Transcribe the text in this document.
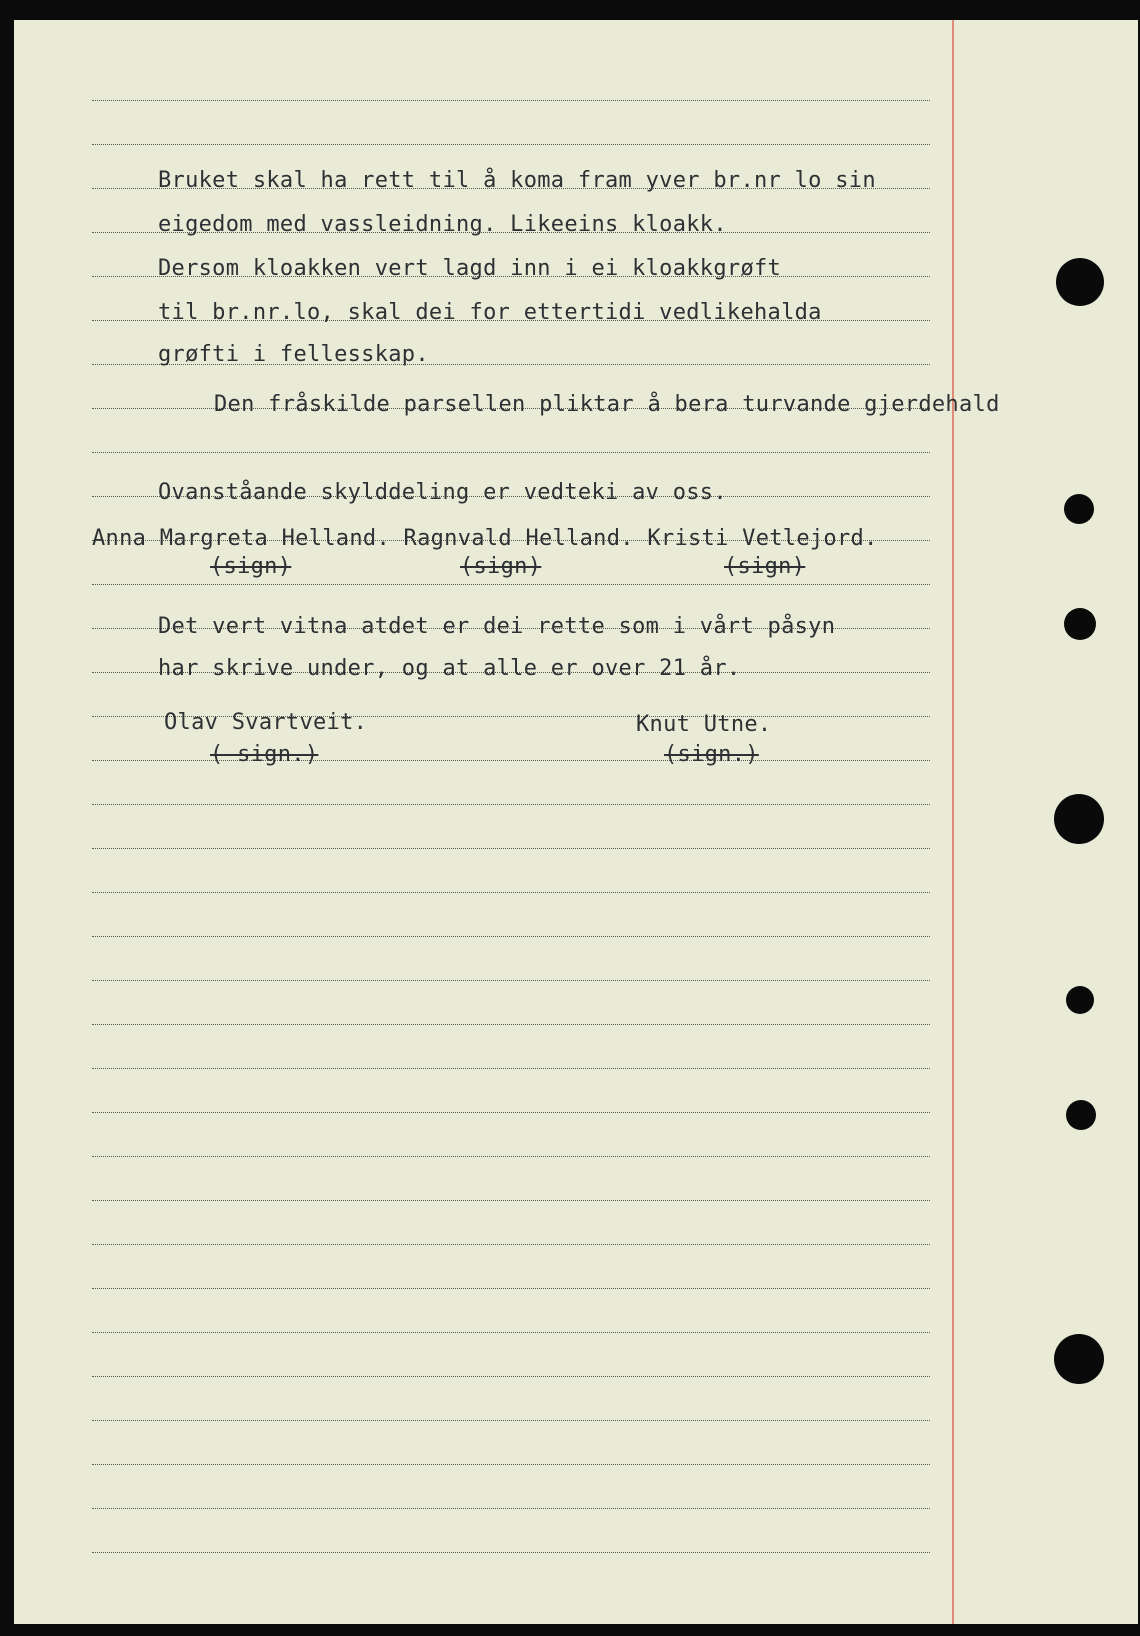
Bruket skal ha rett til å koma fram yver br.nr lo sin
eigedom med vassleidning. Likeeins kloakk.
Dersom kloakken vert lagd inn i ei kloakkgrøft
til br.nr.lo, skal dei for ettertidi vedlikehalda
grøfti i fellesskap.
Den fråskilde parsellen pliktar å bera turvande gjerdehald
Ovanståande skylddeling er vedteki av oss.
Anna Margreta Helland. Ragnvald Helland. Kristi Vetlejord.
(sign)	(sign)	(sign)
Det vert vitna atdet er dei rette som i vårt påsyn
har skrive under, og at alle er over 21 år.
Olav Svartveit.
( sign.)
Knut Utne.
(sign.)
